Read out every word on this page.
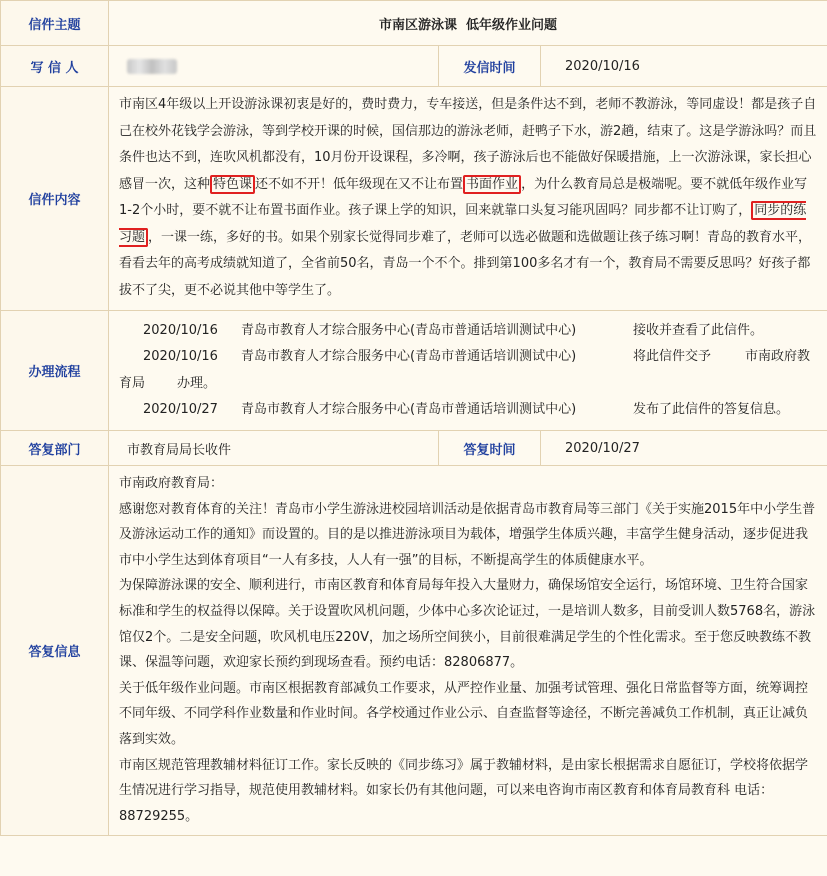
信件主题	市南区游泳课  低年级作业问题		
写 信 人		发信时间	2020/10/16
信件内容	市南区4年级以上开设游泳课初衷是好的，费时费力，专车接送，但是条件达不到，老师不教游泳，等同虚设！都是孩子自己在校外花钱学会游泳，等到学校开课的时候，国信那边的游泳老师，赶鸭子下水，游2趟，结束了。这是学游泳吗？而且条件也达不到，连吹风机都没有，10月份开设课程，多冷啊，孩子游泳后也不能做好保暖措施，上一次游泳课，家长担心感冒一次，这种 特色课 还不如不开！低年级现在又不让布置 书面作业 ，为什么教育局总是极端呢。要不就低年级作业写1-2个小时，要不就不让布置书面作业。孩子课上学的知识，回来就靠口头复习能巩固吗？同步都不让订购了， 同步的练习题 ，一课一练，多好的书。如果个别家长觉得同步难了，老师可以选必做题和选做题让孩子练习啊！青岛的教育水平，看看去年的高考成绩就知道了，全省前50名，青岛一个不个。排到第100多名才有一个，教育局不需要反思吗？好孩子都拔不了尖，更不必说其他中等学生了。		

办理流程	2020/10/16 青岛市教育人才综合服务中心(青岛市普通话培训测试中心) 接收并查看了此信件。
2020/10/16 青岛市教育人才综合服务中心(青岛市普通话培训测试中心) 将此信件交予 市南政府教
育局 办理。
2020/10/27 青岛市教育人才综合服务中心(青岛市普通话培训测试中心) 发布了此信件的答复信息。		

答复部门	市教育局局长收件	答复时间	2020/10/27
答复信息	市南政府教育局：

感谢您对教育体育的关注！青岛市小学生游泳进校园培训活动是依据青岛市教育局等三部门《关于实施2015年中小学生普及游泳运动工作的通知》而设置的。目的是以推进游泳项目为载体，增强学生体质兴趣，丰富学生健身活动，逐步促进我市中小学生达到体育项目“一人有多技，人人有一强”的目标，不断提高学生的体质健康水平。

为保障游泳课的安全、顺利进行，市南区教育和体育局每年投入大量财力，确保场馆安全运行，场馆环境、卫生符合国家标准和学生的权益得以保障。关于设置吹风机问题，少体中心多次论证过，一是培训人数多，目前受训人数5768名，游泳馆仅2个。二是安全问题，吹风机电压220V，加之场所空间狭小，目前很难满足学生的个性化需求。至于您反映教练不教课、保温等问题，欢迎家长预约到现场查看。预约电话：82806877。

关于低年级作业问题。市南区根据教育部减负工作要求，从严控作业量、加强考试管理、强化日常监督等方面，统筹调控不同年级、不同学科作业数量和作业时间。各学校通过作业公示、自查监督等途径，不断完善减负工作机制，真正让减负落到实效。

市南区规范管理教辅材料征订工作。家长反映的《同步练习》属于教辅材料，是由家长根据需求自愿征订，学校将依据学生情况进行学习指导，规范使用教辅材料。如家长仍有其他问题，可以来电咨询市南区教育和体育局教育科 电话：88729255。		
